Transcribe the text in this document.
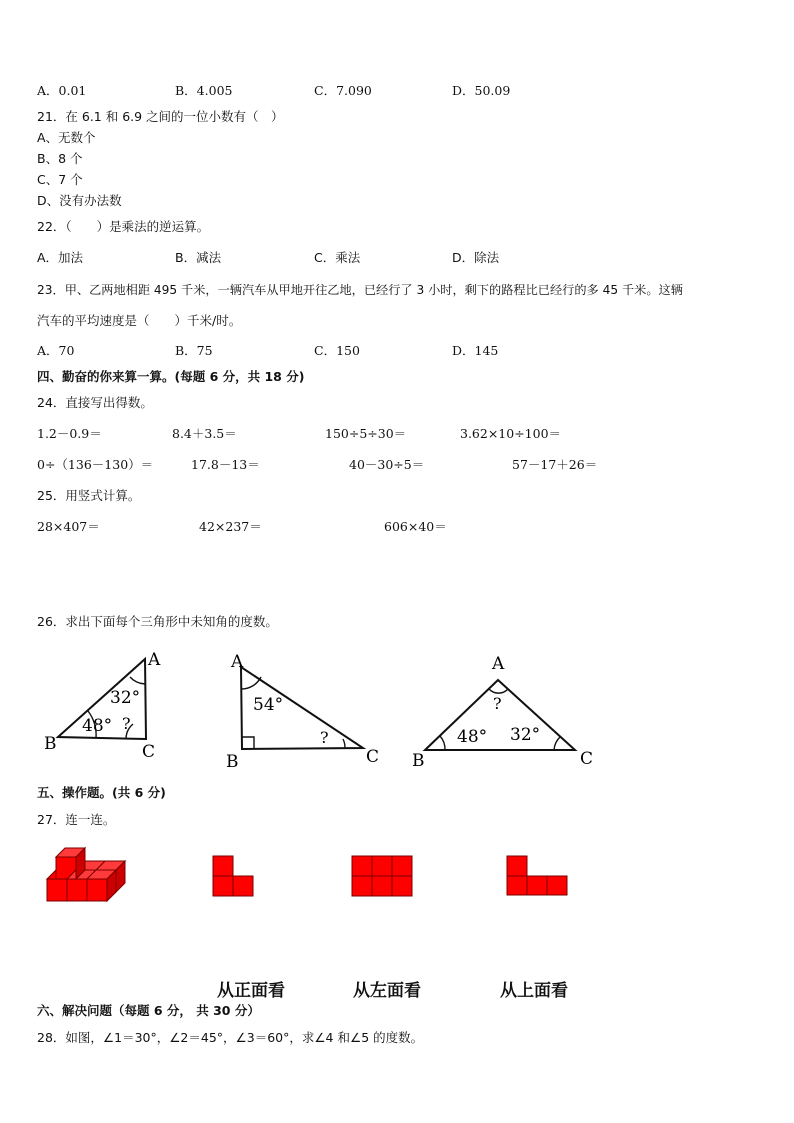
A．0.01	B．4.005	C．7.090	D．50.09
21．在 6.1 和 6.9 之间的一位小数有（　）
A、无数个
B、8 个
C、7 个
D、没有办法数
22．（　　）是乘法的逆运算。
A．加法	B．减法	C．乘法	D．除法
23．甲、乙两地相距 495 千米，一辆汽车从甲地开往乙地，已经行了 3 小时，剩下的路程比已经行的多 45 千米。这辆
汽车的平均速度是（　　）千米/时。
A．70	B．75	C．150	D．145
四、勤奋的你来算一算。(每题 6 分，共 18 分)
24．直接写出得数。
1.2－0.9＝	8.4＋3.5＝	150÷5÷30＝	3.62×10÷100＝
0÷（136－130）＝	17.8－13＝	40－30÷5＝	57－17＋26＝
25．用竖式计算。
28×407＝	42×237＝	606×40＝
26．求出下面每个三角形中未知角的度数。
A
B	C
32°
48° ?
A
B	C
54°
?
A
B	C
?
48° 32°
五、操作题。(共 6 分)
27．连一连。
从正面看	从左面看	从上面看
六、解决问题（每题 6 分， 共 30 分）
28．如图，∠1＝30°，∠2＝45°，∠3＝60°，求∠4 和∠5 的度数。
